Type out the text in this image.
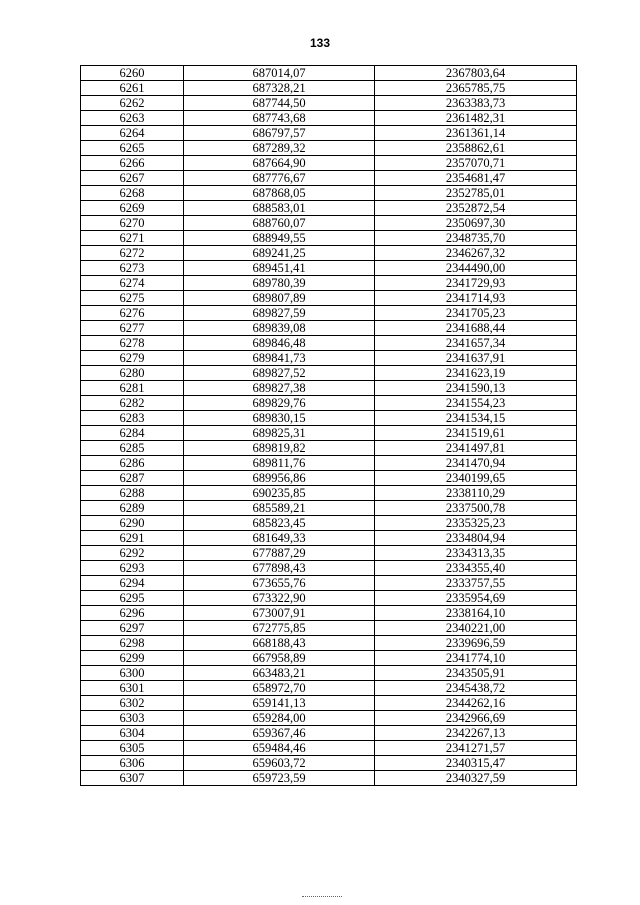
133
6260	687014,07	2367803,64
6261	687328,21	2365785,75
6262	687744,50	2363383,73
6263	687743,68	2361482,31
6264	686797,57	2361361,14
6265	687289,32	2358862,61
6266	687664,90	2357070,71
6267	687776,67	2354681,47
6268	687868,05	2352785,01
6269	688583,01	2352872,54
6270	688760,07	2350697,30
6271	688949,55	2348735,70
6272	689241,25	2346267,32
6273	689451,41	2344490,00
6274	689780,39	2341729,93
6275	689807,89	2341714,93
6276	689827,59	2341705,23
6277	689839,08	2341688,44
6278	689846,48	2341657,34
6279	689841,73	2341637,91
6280	689827,52	2341623,19
6281	689827,38	2341590,13
6282	689829,76	2341554,23
6283	689830,15	2341534,15
6284	689825,31	2341519,61
6285	689819,82	2341497,81
6286	689811,76	2341470,94
6287	689956,86	2340199,65
6288	690235,85	2338110,29
6289	685589,21	2337500,78
6290	685823,45	2335325,23
6291	681649,33	2334804,94
6292	677887,29	2334313,35
6293	677898,43	2334355,40
6294	673655,76	2333757,55
6295	673322,90	2335954,69
6296	673007,91	2338164,10
6297	672775,85	2340221,00
6298	668188,43	2339696,59
6299	667958,89	2341774,10
6300	663483,21	2343505,91
6301	658972,70	2345438,72
6302	659141,13	2344262,16
6303	659284,00	2342966,69
6304	659367,46	2342267,13
6305	659484,46	2341271,57
6306	659603,72	2340315,47
6307	659723,59	2340327,59
